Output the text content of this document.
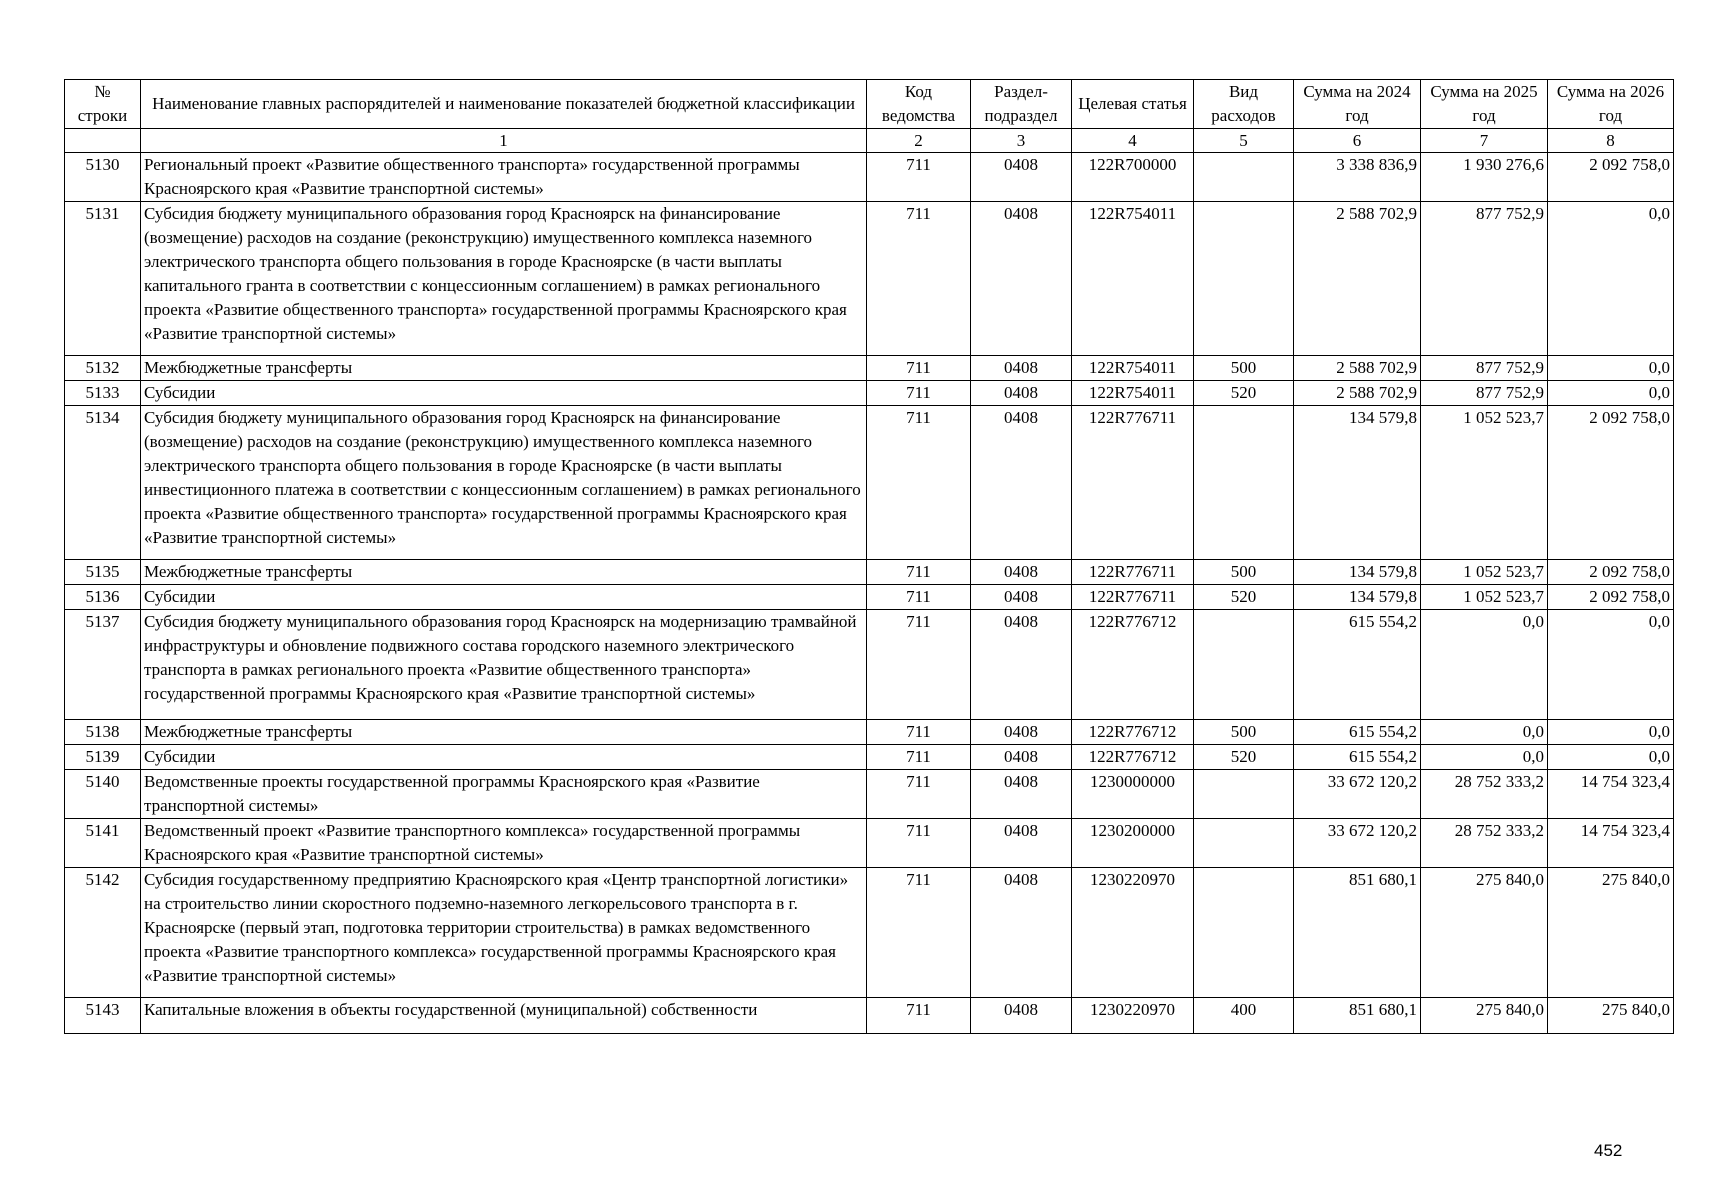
№ строки	Наименование главных распорядителей и наименование показателей бюджетной классификации	Код ведомства	Раздел-подраздел	Целевая статья	Вид расходов	Сумма на 2024 год	Сумма на 2025 год	Сумма на 2026 год
	1	2	3	4	5	6	7	8
5130	Региональный проект «Развитие общественного транспорта» государственной программы Красноярского края «Развитие транспортной системы»	711	0408	122R700000		3 338 836,9	1 930 276,6	2 092 758,0
5131	Субсидия бюджету муниципального образования город Красноярск на финансирование (возмещение) расходов на создание (реконструкцию) имущественного комплекса наземного электрического транспорта общего пользования в городе Красноярске (в части выплаты капитального гранта в соответствии с концессионным соглашением) в рамках регионального проекта «Развитие общественного транспорта» государственной программы Красноярского края «Развитие транспортной системы»	711	0408	122R754011		2 588 702,9	877 752,9	0,0
5132	Межбюджетные трансферты	711	0408	122R754011	500	2 588 702,9	877 752,9	0,0
5133	Субсидии	711	0408	122R754011	520	2 588 702,9	877 752,9	0,0
5134	Субсидия бюджету муниципального образования город Красноярск на финансирование (возмещение) расходов на создание (реконструкцию) имущественного комплекса наземного электрического транспорта общего пользования в городе Красноярске (в части выплаты инвестиционного платежа в соответствии с концессионным соглашением) в рамках регионального проекта «Развитие общественного транспорта» государственной программы Красноярского края «Развитие транспортной системы»	711	0408	122R776711		134 579,8	1 052 523,7	2 092 758,0
5135	Межбюджетные трансферты	711	0408	122R776711	500	134 579,8	1 052 523,7	2 092 758,0
5136	Субсидии	711	0408	122R776711	520	134 579,8	1 052 523,7	2 092 758,0
5137	Субсидия бюджету муниципального образования город Красноярск на модернизацию трамвайной инфраструктуры и обновление подвижного состава городского наземного электрического транспорта в рамках регионального проекта «Развитие общественного транспорта» государственной программы Красноярского края «Развитие транспортной системы»	711	0408	122R776712		615 554,2	0,0	0,0
5138	Межбюджетные трансферты	711	0408	122R776712	500	615 554,2	0,0	0,0
5139	Субсидии	711	0408	122R776712	520	615 554,2	0,0	0,0
5140	Ведомственные проекты государственной программы Красноярского края «Развитие транспортной системы»	711	0408	1230000000		33 672 120,2	28 752 333,2	14 754 323,4
5141	Ведомственный проект «Развитие транспортного комплекса» государственной программы Красноярского края «Развитие транспортной системы»	711	0408	1230200000		33 672 120,2	28 752 333,2	14 754 323,4
5142	Субсидия государственному предприятию Красноярского края «Центр транспортной логистики» на строительство линии скоростного подземно-наземного легкорельсового транспорта в г. Красноярске (первый этап, подготовка территории строительства) в рамках ведомственного проекта «Развитие транспортного комплекса» государственной программы Красноярского края «Развитие транспортной системы»	711	0408	1230220970		851 680,1	275 840,0	275 840,0
5143	Капитальные вложения в объекты государственной (муниципальной) собственности	711	0408	1230220970	400	851 680,1	275 840,0	275 840,0
452
